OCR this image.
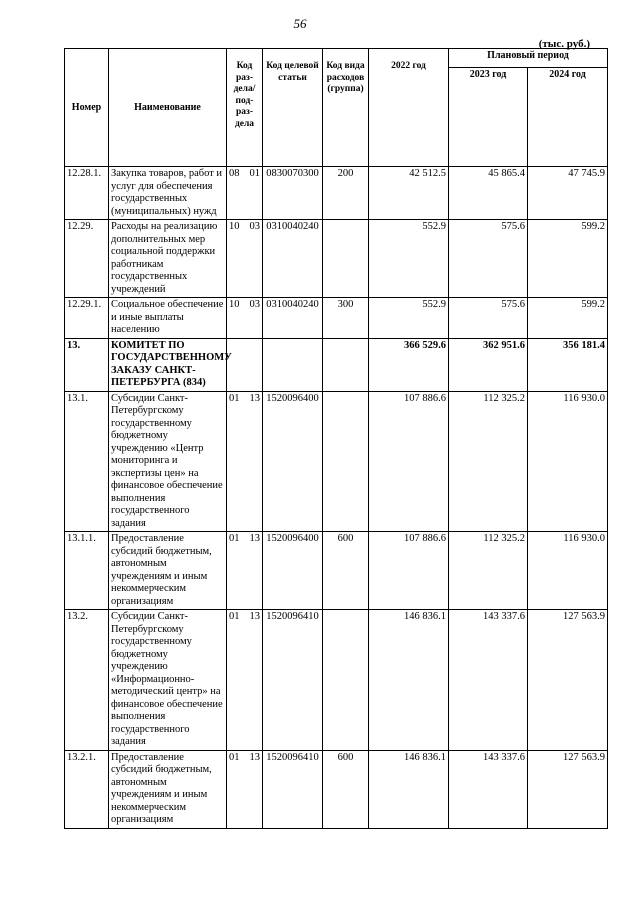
56
(тыс. руб.)
Номер	Наименование	Код раз- дела/ под- раз- дела	Код целевой статьи	Код вида расходов (группа)	2022 год	Плановый период	
						2023 год	2024 год
12.28.1.	Закупка товаров, работ и услуг для обеспечения государственных (муниципальных) нужд	08 01	0830070300	200	42 512.5	45 865.4	47 745.9
12.29.	Расходы на реализацию дополнительных мер социальной поддержки работникам государственных учреждений	10 03	0310040240		552.9	575.6	599.2
12.29.1.	Социальное обеспечение и иные выплаты населению	10 03	0310040240	300	552.9	575.6	599.2
13.	КОМИТЕТ ПО ГОСУДАРСТВЕННОМУ ЗАКАЗУ САНКТ-ПЕТЕРБУРГА (834)				366 529.6	362 951.6	356 181.4
13.1.	Субсидии Санкт-Петербургскому государственному бюджетному учреждению «Центр мониторинга и экспертизы цен» на финансовое обеспечение выполнения государственного задания	01 13	1520096400		107 886.6	112 325.2	116 930.0
13.1.1.	Предоставление субсидий бюджетным, автономным учреждениям и иным некоммерческим организациям	01 13	1520096400	600	107 886.6	112 325.2	116 930.0
13.2.	Субсидии Санкт-Петербургскому государственному бюджетному учреждению «Информационно-методический центр» на финансовое обеспечение выполнения государственного задания	01 13	1520096410		146 836.1	143 337.6	127 563.9
13.2.1.	Предоставление субсидий бюджетным, автономным учреждениям и иным некоммерческим организациям	01 13	1520096410	600	146 836.1	143 337.6	127 563.9
